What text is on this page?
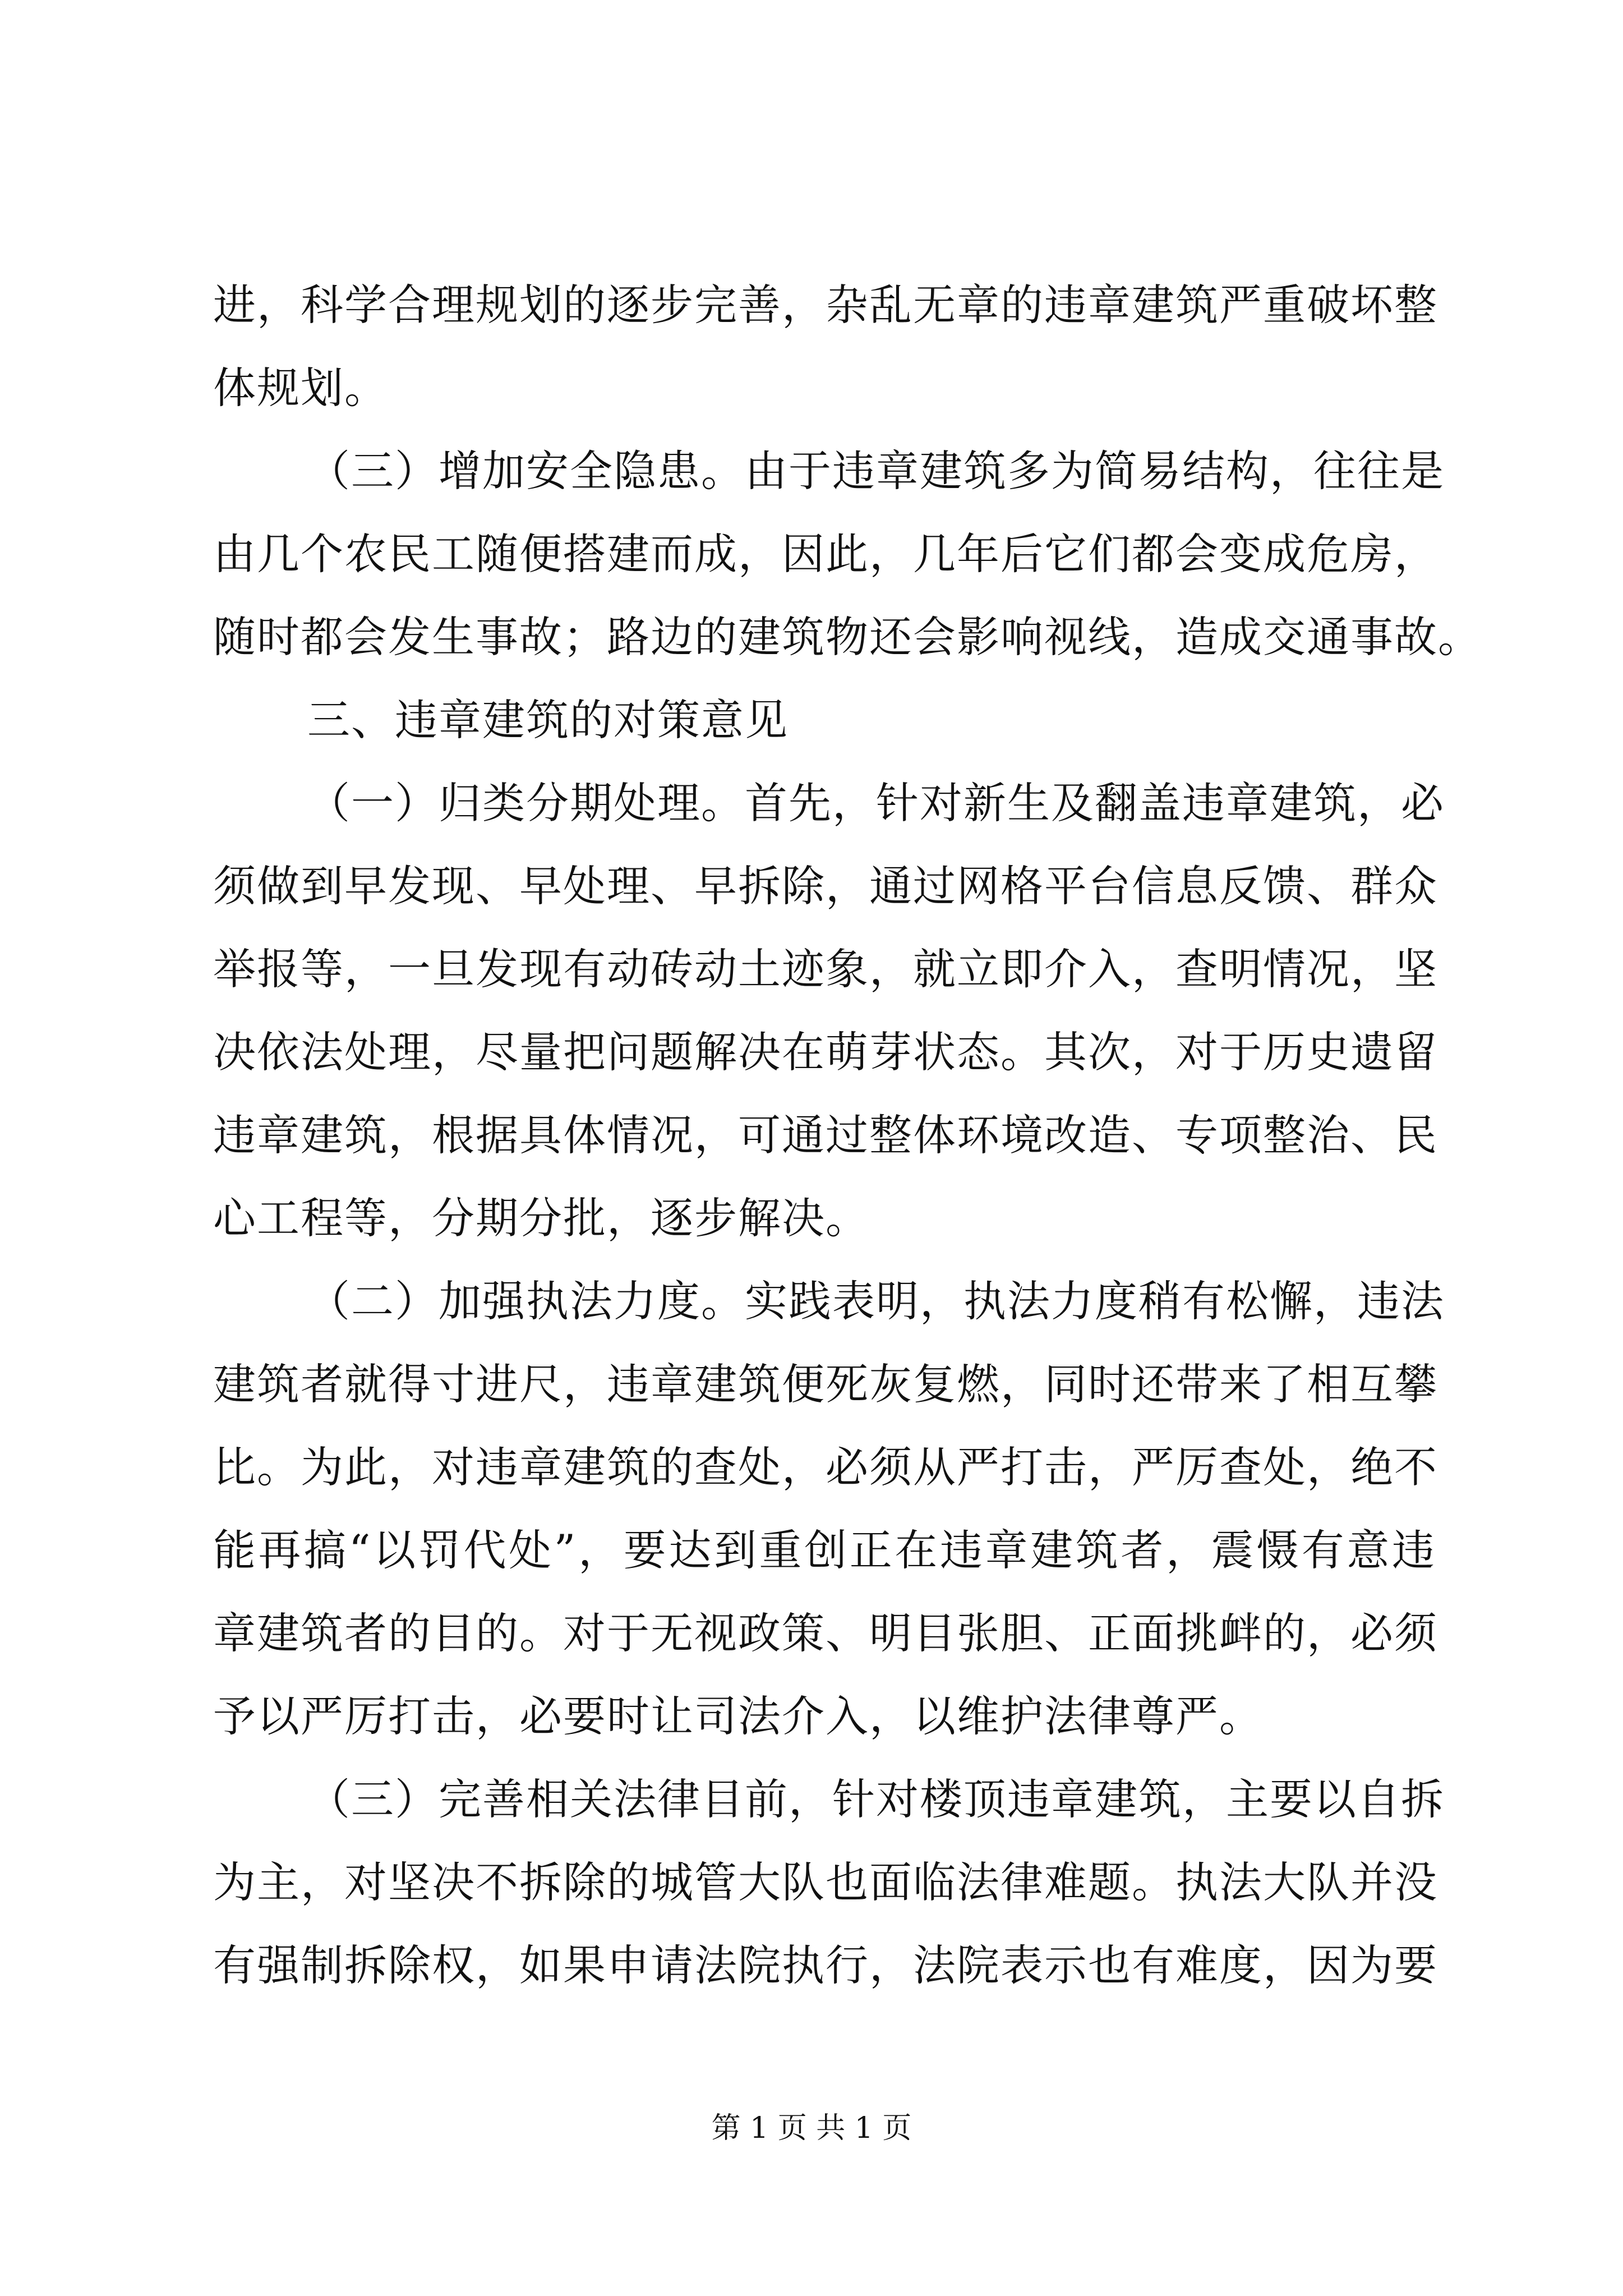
进，科学合理规划的逐步完善，杂乱无章的违章建筑严重破坏整
体规划。
（三）增加安全隐患。由于违章建筑多为简易结构，往往是
由几个农民工随便搭建而成，因此，几年后它们都会变成危房，
随时都会发生事故；路边的建筑物还会影响视线，造成交通事故。
三、违章建筑的对策意见
（一）归类分期处理。首先，针对新生及翻盖违章建筑，必
须做到早发现、早处理、早拆除，通过网格平台信息反馈、群众
举报等，一旦发现有动砖动土迹象，就立即介入，查明情况，坚
决依法处理，尽量把问题解决在萌芽状态。其次，对于历史遗留
违章建筑，根据具体情况，可通过整体环境改造、专项整治、民
心工程等，分期分批，逐步解决。
（二）加强执法力度。实践表明，执法力度稍有松懈，违法
建筑者就得寸进尺，违章建筑便死灰复燃，同时还带来了相互攀
比。为此，对违章建筑的查处，必须从严打击，严厉查处，绝不
能再搞“以罚代处”，要达到重创正在违章建筑者，震慑有意违
章建筑者的目的。对于无视政策、明目张胆、正面挑衅的，必须
予以严厉打击，必要时让司法介入，以维护法律尊严。
（三）完善相关法律目前，针对楼顶违章建筑，主要以自拆
为主，对坚决不拆除的城管大队也面临法律难题。执法大队并没
有强制拆除权，如果申请法院执行，法院表示也有难度，因为要
第 1 页 共 1 页
